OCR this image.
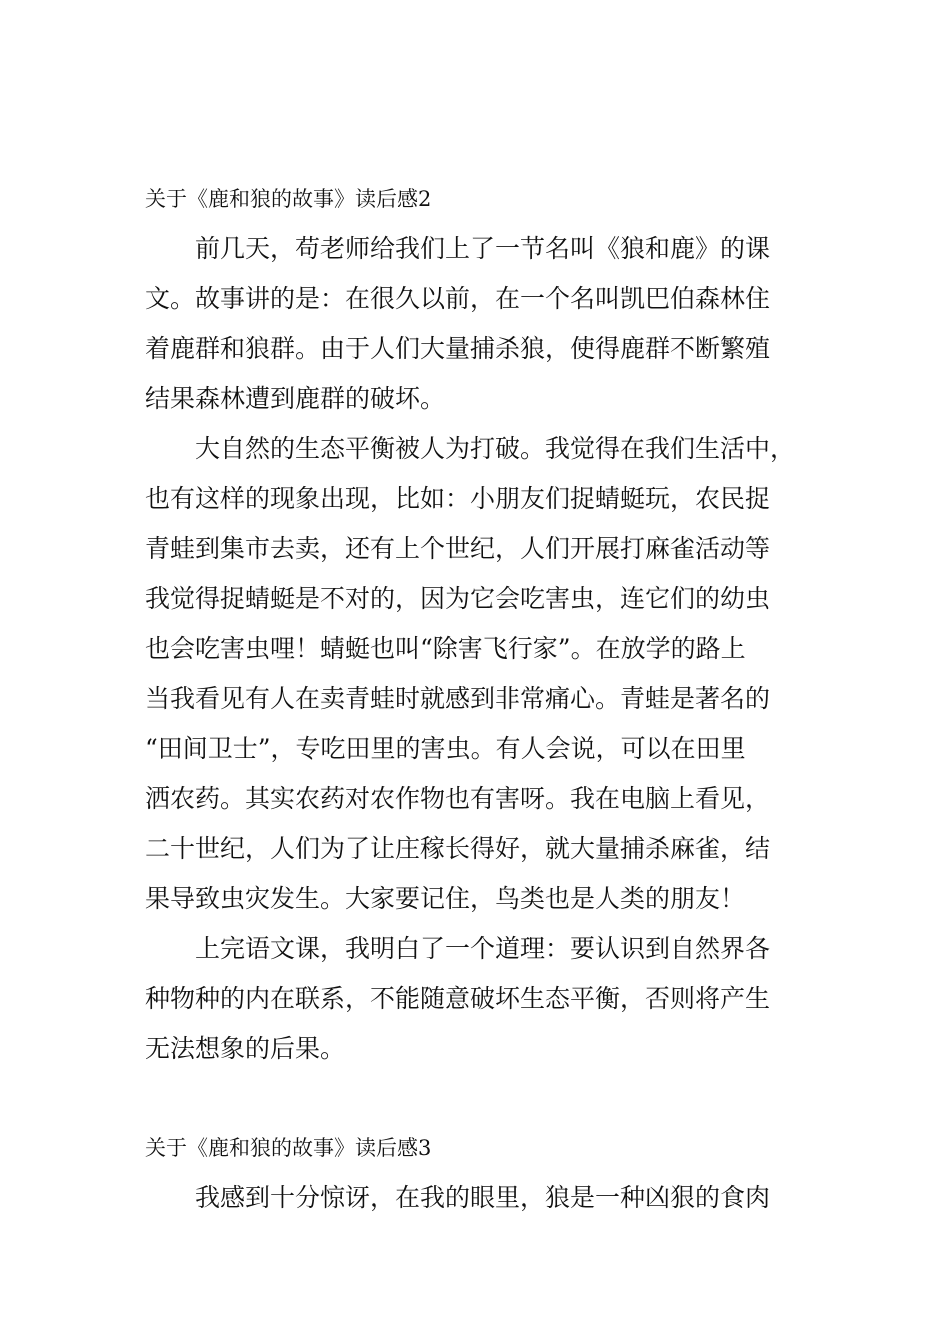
关于《鹿和狼的故事》读后感2
　　前几天，苟老师给我们上了一节名叫《狼和鹿》的课
文。故事讲的是：在很久以前，在一个名叫凯巴伯森林住
着鹿群和狼群。由于人们大量捕杀狼，使得鹿群不断繁殖
结果森林遭到鹿群的破坏。
　　大自然的生态平衡被人为打破。我觉得在我们生活中，
也有这样的现象出现，比如：小朋友们捉蜻蜓玩，农民捉
青蛙到集市去卖，还有上个世纪，人们开展打麻雀活动等
我觉得捉蜻蜓是不对的，因为它会吃害虫，连它们的幼虫
也会吃害虫哩！蜻蜓也叫“除害飞行家”。在放学的路上
当我看见有人在卖青蛙时就感到非常痛心。青蛙是著名的
“田间卫士”，专吃田里的害虫。有人会说，可以在田里
洒农药。其实农药对农作物也有害呀。我在电脑上看见，
二十世纪，人们为了让庄稼长得好，就大量捕杀麻雀，结
果导致虫灾发生。大家要记住，鸟类也是人类的朋友！
　　上完语文课，我明白了一个道理：要认识到自然界各
种物种的内在联系，不能随意破坏生态平衡，否则将产生
无法想象的后果。
关于《鹿和狼的故事》读后感3
　　我感到十分惊讶，在我的眼里，狼是一种凶狠的食肉
